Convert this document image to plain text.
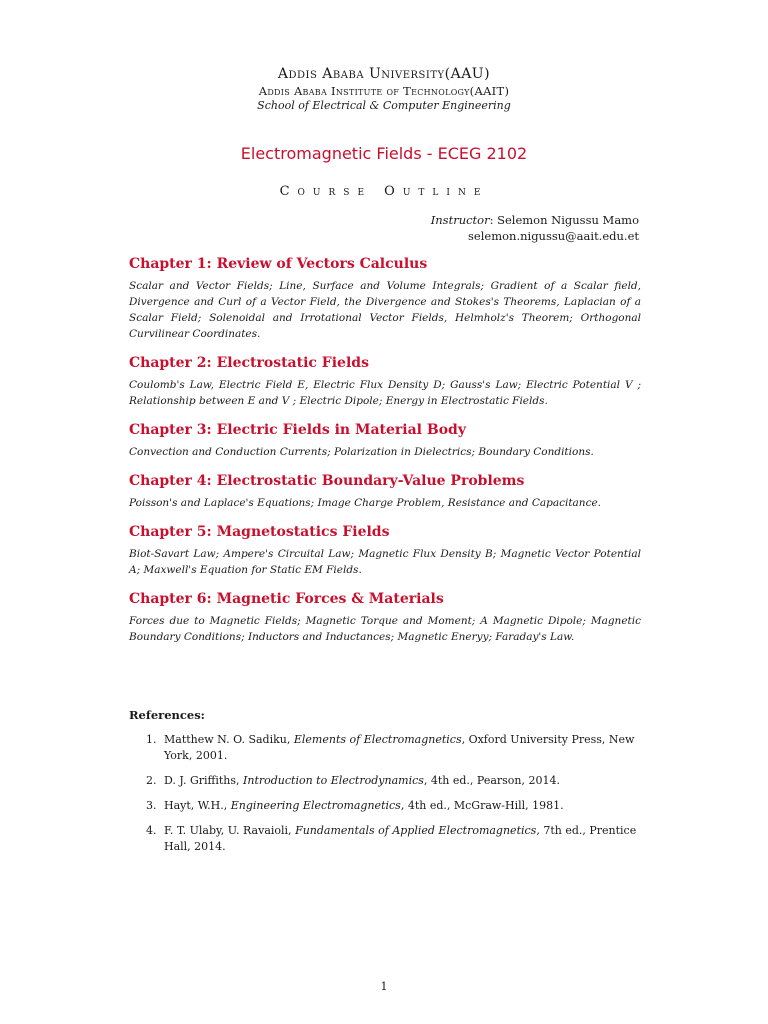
Addis Ababa University(AAU)
Addis Ababa Institute of Technology(AAIT)
School of Electrical & Computer Engineering
Electromagnetic Fields - ECEG 2102
Course Outline
Instructor: Selemon Nigussu Mamo
selemon.nigussu@aait.edu.et
Chapter 1: Review of Vectors Calculus
Scalar and Vector Fields; Line, Surface and Volume Integrals; Gradient of a Scalar field, Divergence and Curl of a Vector Field, the Divergence and Stokes's Theorems, Laplacian of a Scalar Field; Solenoidal and Irrotational Vector Fields, Helmholz's Theorem; Orthogonal Curvilinear Coordinates.
Chapter 2: Electrostatic Fields
Coulomb's Law, Electric Field E, Electric Flux Density D; Gauss's Law; Electric Potential V ; Relationship between E and V ; Electric Dipole; Energy in Electrostatic Fields.
Chapter 3: Electric Fields in Material Body
Convection and Conduction Currents; Polarization in Dielectrics; Boundary Conditions.
Chapter 4: Electrostatic Boundary-Value Problems
Poisson's and Laplace's Equations; Image Charge Problem, Resistance and Capacitance.
Chapter 5: Magnetostatics Fields
Biot-Savart Law; Ampere's Circuital Law; Magnetic Flux Density B; Magnetic Vector Potential A; Maxwell's Equation for Static EM Fields.
Chapter 6: Magnetic Forces & Materials
Forces due to Magnetic Fields; Magnetic Torque and Moment; A Magnetic Dipole; Magnetic Boundary Conditions; Inductors and Inductances; Magnetic Eneryy; Faraday's Law.
References:
1. Matthew N. O. Sadiku, Elements of Electromagnetics, Oxford University Press, New York, 2001.
2. D. J. Griffiths, Introduction to Electrodynamics, 4th ed., Pearson, 2014.
3. Hayt, W.H., Engineering Electromagnetics, 4th ed., McGraw-Hill, 1981.
4. F. T. Ulaby, U. Ravaioli, Fundamentals of Applied Electromagnetics, 7th ed., Prentice Hall, 2014.
1
